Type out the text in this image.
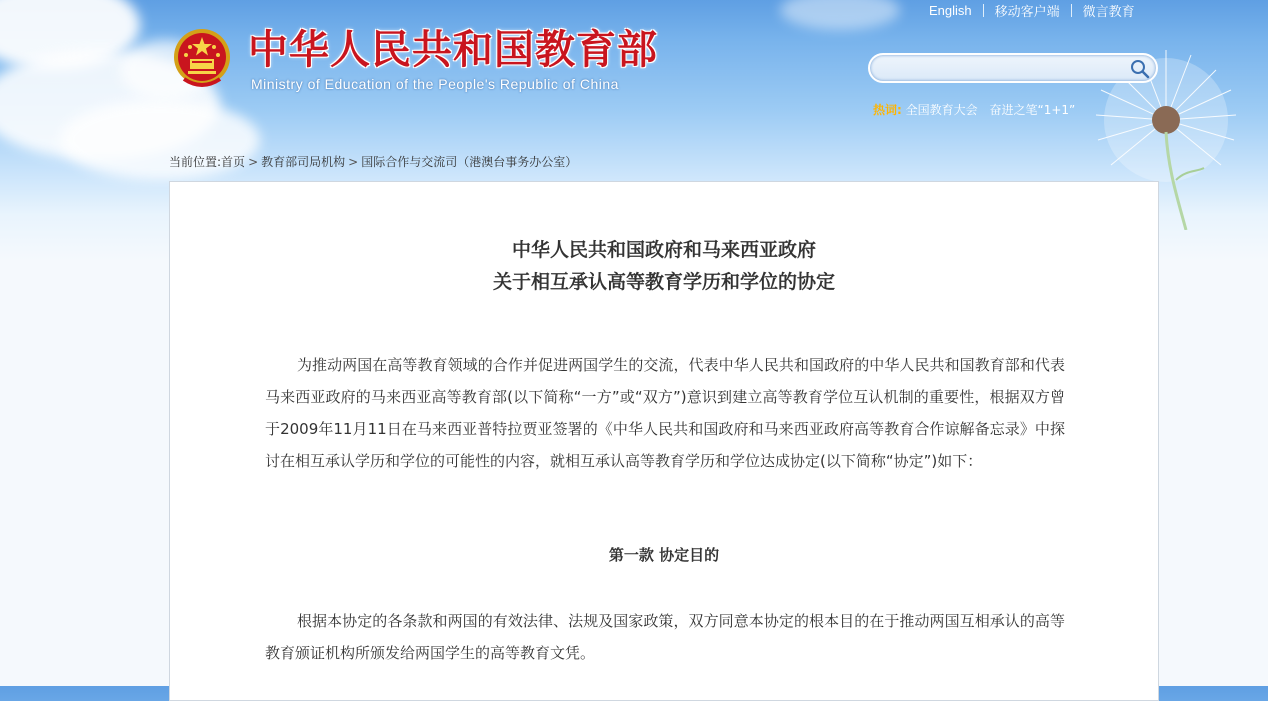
中华人民共和国教育部
Ministry of Education of the People's Republic of China
English	移动客户端	微言教育
热词: 全国教育大会 奋进之笔“1+1”
当前位置:首页 > 教育部司局机构 > 国际合作与交流司（港澳台事务办公室）
中华人民共和国政府和马来西亚政府
关于相互承认高等教育学历和学位的协定
为推动两国在高等教育领域的合作并促进两国学生的交流，代表中华人民共和国政府的中华人民共和国教育部和代表马来西亚政府的马来西亚高等教育部(以下简称“一方”或“双方”)意识到建立高等教育学位互认机制的重要性，根据双方曾于2009年11月11日在马来西亚普特拉贾亚签署的《中华人民共和国政府和马来西亚政府高等教育合作谅解备忘录》中探讨在相互承认学历和学位的可能性的内容，就相互承认高等教育学历和学位达成协定(以下简称“协定”)如下：
第一款 协定目的
根据本协定的各条款和两国的有效法律、法规及国家政策，双方同意本协定的根本目的在于推动两国互相承认的高等教育颁证机构所颁发给两国学生的高等教育文凭。
